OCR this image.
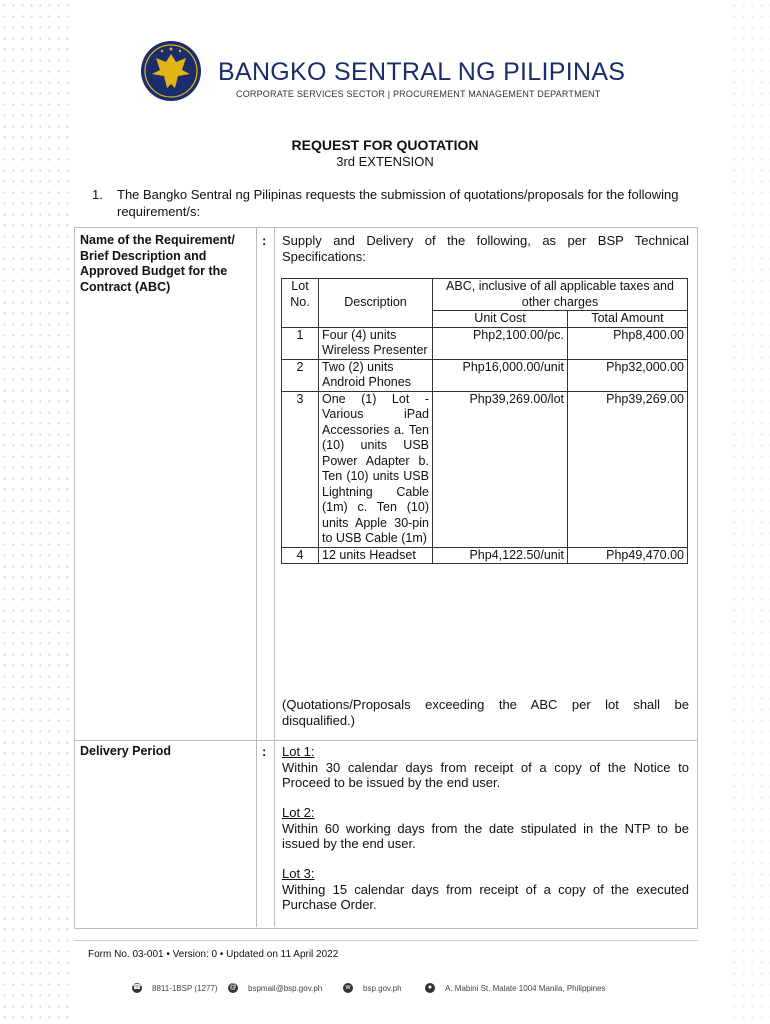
BANGKO SENTRAL NG PILIPINAS
CORPORATE SERVICES SECTOR | PROCUREMENT MANAGEMENT DEPARTMENT
REQUEST FOR QUOTATION
3rd EXTENSION
1. The Bangko Sentral ng Pilipinas requests the submission of quotations/proposals for the following requirement/s:
Name of the Requirement/ Brief Description and Approved Budget for the Contract (ABC)
: Supply and Delivery of the following, as per BSP Technical Specifications:
Lot No.	Description	ABC, inclusive of all applicable taxes and other charges	
		Unit Cost	Total Amount
1	Four (4) units Wireless Presenter	Php2,100.00/pc.	Php8,400.00
2	Two (2) units Android Phones	Php16,000.00/unit	Php32,000.00
3	One (1) Lot - Various iPad Accessories a. Ten (10) units USB Power Adapter b. Ten (10) units USB Lightning Cable (1m) c. Ten (10) units Apple 30-pin to USB Cable (1m)	Php39,269.00/lot	Php39,269.00
4	12 units Headset	Php4,122.50/unit	Php49,470.00
(Quotations/Proposals exceeding the ABC per lot shall be disqualified.)
Delivery Period	: Lot 1:
Within 30 calendar days from receipt of a copy of the Notice to Proceed to be issued by the end user.
Lot 2:
Within 60 working days from the date stipulated in the NTP to be issued by the end user.
Lot 3:
Withing 15 calendar days from receipt of a copy of the executed Purchase Order.
Form No. 03-001 • Version: 0 • Updated on 11 April 2022
☎ 8811-1BSP (1277) @ bspmail@bsp.gov.ph	w	bsp.gov.ph	●	A. Mabini St. Malate 1004 Manila, Philippines
